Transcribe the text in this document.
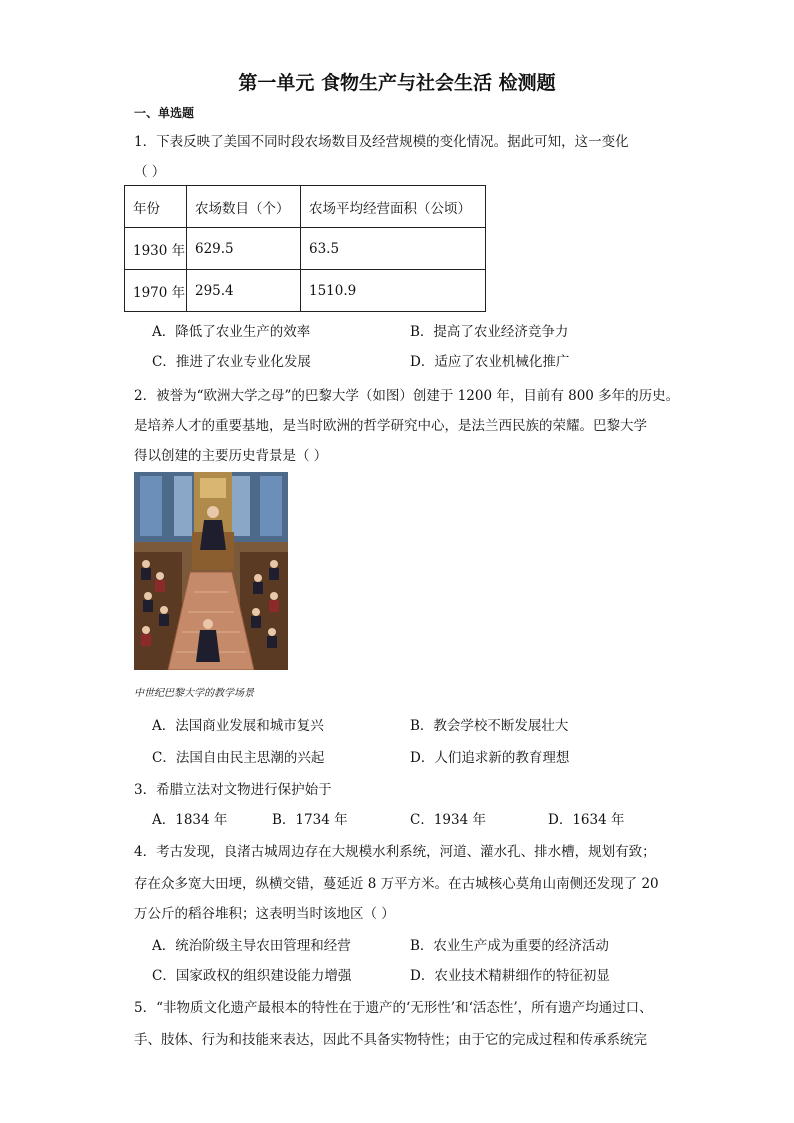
第一单元 食物生产与社会生活 检测题
一、单选题
1．下表反映了美国不同时段农场数目及经营规模的变化情况。据此可知，这一变化
（ ）
年份	农场数目（个）	农场平均经营面积（公顷）
1930 年	629.5	63.5
1970 年	295.4	1510.9
A．降低了农业生产的效率	B．提高了农业经济竞争力
C．推进了农业专业化发展	D．适应了农业机械化推广
2．被誉为“欧洲大学之母”的巴黎大学（如图）创建于 1200 年，目前有 800 多年的历史。
是培养人才的重要基地，是当时欧洲的哲学研究中心，是法兰西民族的荣耀。巴黎大学
得以创建的主要历史背景是（ ）
中世纪巴黎大学的教学场景
A．法国商业发展和城市复兴	B．教会学校不断发展壮大
C．法国自由民主思潮的兴起	D．人们追求新的教育理想
3．希腊立法对文物进行保护始于
A．1834 年	B．1734 年	C．1934 年	D．1634 年
4．考古发现，良渚古城周边存在大规模水利系统，河道、灌水孔、排水槽，规划有致；
存在众多宽大田埂，纵横交错，蔓延近 8 万平方米。在古城核心莫角山南侧还发现了 20
万公斤的稻谷堆积；这表明当时该地区（ ）
A．统治阶级主导农田管理和经营	B．农业生产成为重要的经济活动
C．国家政权的组织建设能力增强	D．农业技术精耕细作的特征初显
5．“非物质文化遗产最根本的特性在于遗产的‘无形性’和‘活态性’，所有遗产均通过口、
手、肢体、行为和技能来表达，因此不具备实物特性；由于它的完成过程和传承系统完
